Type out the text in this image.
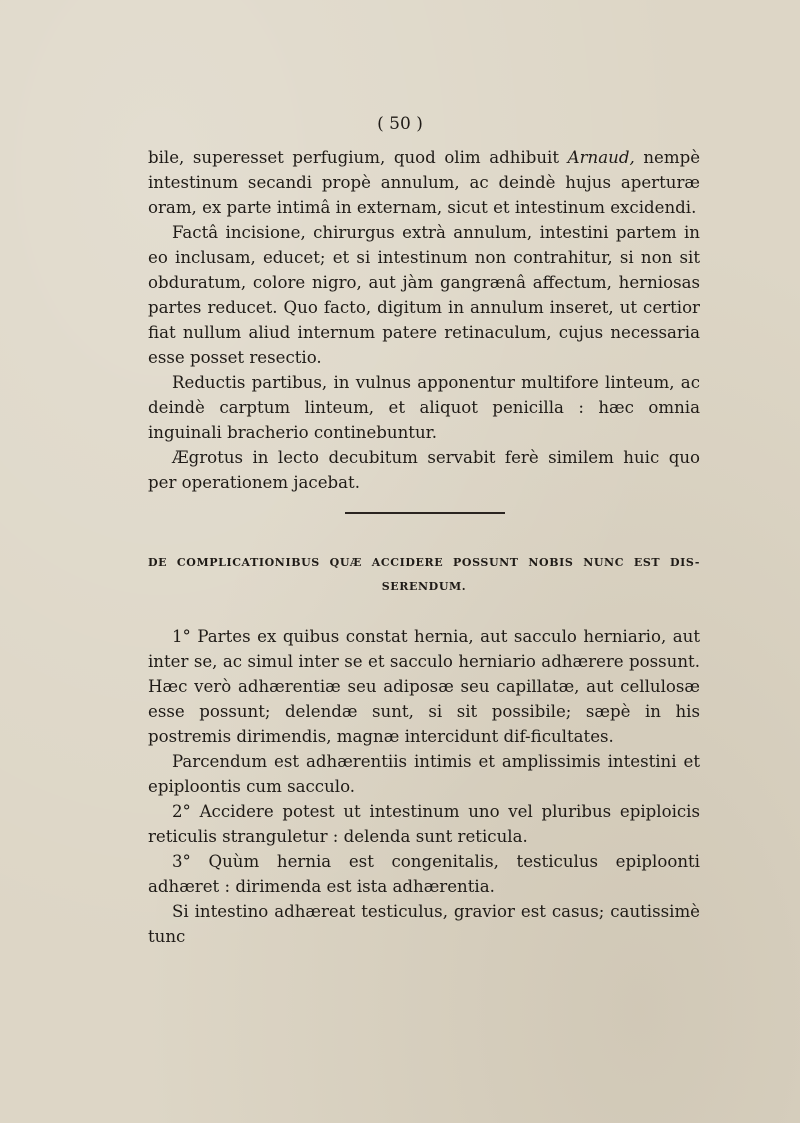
( 50 )

bile, superesset perfugium, quod olim adhibuit Arnaud, nempè intestinum secandi propè annulum, ac deindè hujus aperturæ oram, ex parte intimâ in externam, sicut et intestinum excidendi.

Factâ incisione, chirurgus extrà annulum, intestini partem in eo inclusam, educet; et si intestinum non contrahitur, si non sit obduratum, colore nigro, aut jàm gangrænâ affectum, herniosas partes reducet. Quo facto, digitum in annulum inseret, ut certior fiat nullum aliud internum patere retinaculum, cujus necessaria esse posset resectio.

Reductis partibus, in vulnus apponentur multifore linteum, ac deindè carptum linteum, et aliquot penicilla : hæc omnia inguinali bracherio continebuntur.

Ægrotus in lecto decubitum servabit ferè similem huic quo per operationem jacebat.

DE COMPLICATIONIBUS QUÆ ACCIDERE POSSUNT NOBIS NUNC EST DIS-
SERENDUM.

1° Partes ex quibus constat hernia, aut sacculo herniario, aut inter se, ac simul inter se et sacculo herniario adhærere possunt. Hæc verò adhærentiæ seu adiposæ seu capillatæ, aut cellulosæ esse possunt; delendæ sunt, si sit possibile; sæpè in his postremis dirimendis, magnæ intercidunt dif-ficultates.

Parcendum est adhærentiis intimis et amplissimis intestini et epiploontis cum sacculo.

2° Accidere potest ut intestinum uno vel pluribus epiploicis reticulis stranguletur : delenda sunt reticula.

3° Quùm hernia est congenitalis, testiculus epiploonti adhæret : dirimenda est ista adhærentia.

Si intestino adhæreat testiculus, gravior est casus; cautissimè tunc
